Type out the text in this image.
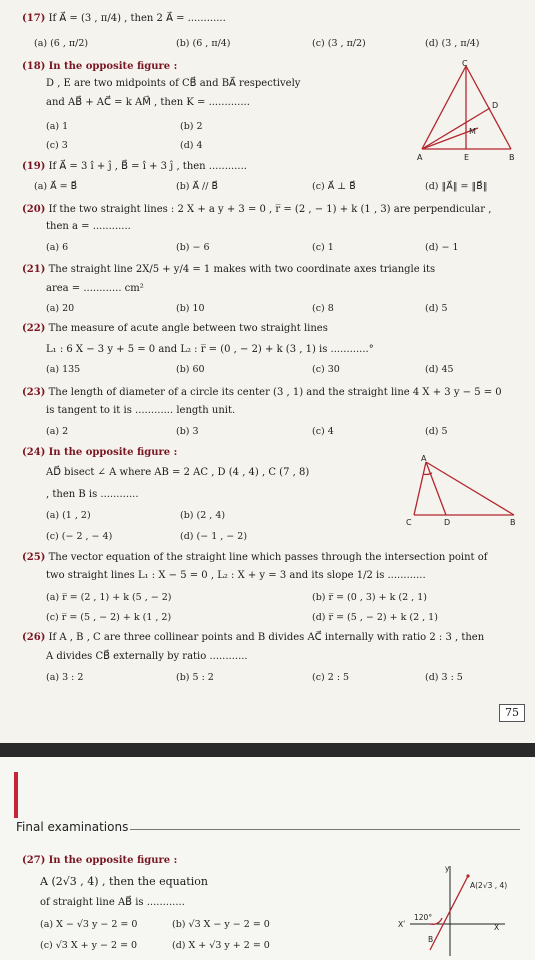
(17) If A⃗ = (3 , π/4) , then 2 A⃗ = ............
(a) (6 , π/2)	(b) (6 , π/4)	(c) (3 , π/2)	(d) (3 , π/4)
(18) In the opposite figure :
D , E are two midpoints of CB⃗ and BA⃗ respectively
and AB⃗ + AC⃗ = k AM⃗ , then K = .............
(a) 1	(b) 2
(c) 3	(d) 4
C
D
M
A	E	B
(19) If A⃗ = 3 î + ĵ , B⃗ = î + 3 ĵ , then ............
(a) A⃗ = B⃗	(b) A⃗ // B⃗	(c) A⃗ ⊥ B⃗	(d) ‖A⃗‖ = ‖B⃗‖
(20) If the two straight lines : 2 X + a y + 3 = 0 , r̅ = (2 , − 1) + k (1 , 3) are perpendicular ,
then a = ............
(a) 6	(b) − 6	(c) 1	(d) − 1
(21) The straight line 2X/5 + y/4 = 1 makes with two coordinate axes triangle its
area = ............ cm²
(a) 20	(b) 10	(c) 8	(d) 5
(22) The measure of acute angle between two straight lines
L₁ : 6 X − 3 y + 5 = 0 and L₂ : r̅ = (0 , − 2) + k (3 , 1) is ............°
(a) 135	(b) 60	(c) 30	(d) 45
(23) The length of diameter of a circle its center (3 , 1) and the straight line 4 X + 3 y − 5 = 0
is tangent to it is ............ length unit.
(a) 2	(b) 3	(c) 4	(d) 5
(24) In the opposite figure :
AD⃗ bisect ∠ A where AB = 2 AC , D (4 , 4) , C (7 , 8)
, then B is ............
(a) (1 , 2)	(b) (2 , 4)
(c) (− 2 , − 4)	(d) (− 1 , − 2)
A
C	D	B
(25) The vector equation of the straight line which passes through the intersection point of
two straight lines L₁ : X − 5 = 0 , L₂ : X + y = 3 and its slope 1/2 is ............
(a) r̅ = (2 , 1) + k (5 , − 2)	(b) r̅ = (0 , 3) + k (2 , 1)
(c) r̅ = (5 , − 2) + k (1 , 2)	(d) r̅ = (5 , − 2) + k (2 , 1)
(26) If A , B , C are three collinear points and B divides AC⃗ internally with ratio 2 : 3 , then
A divides CB⃗ externally by ratio ............
(a) 3 : 2	(b) 5 : 2	(c) 2 : 5	(d) 3 : 5
75
Final examinations
(27) In the opposite figure :
A (2√3 , 4) , then the equation
of straight line AB⃗ is ............
(a) X − √3 y − 2 = 0	(b) √3 X − y − 2 = 0
(c) √3 X + y − 2 = 0	(d) X + √3 y + 2 = 0
y
A(2√3 , 4)
Xʹ	X
120°
B
